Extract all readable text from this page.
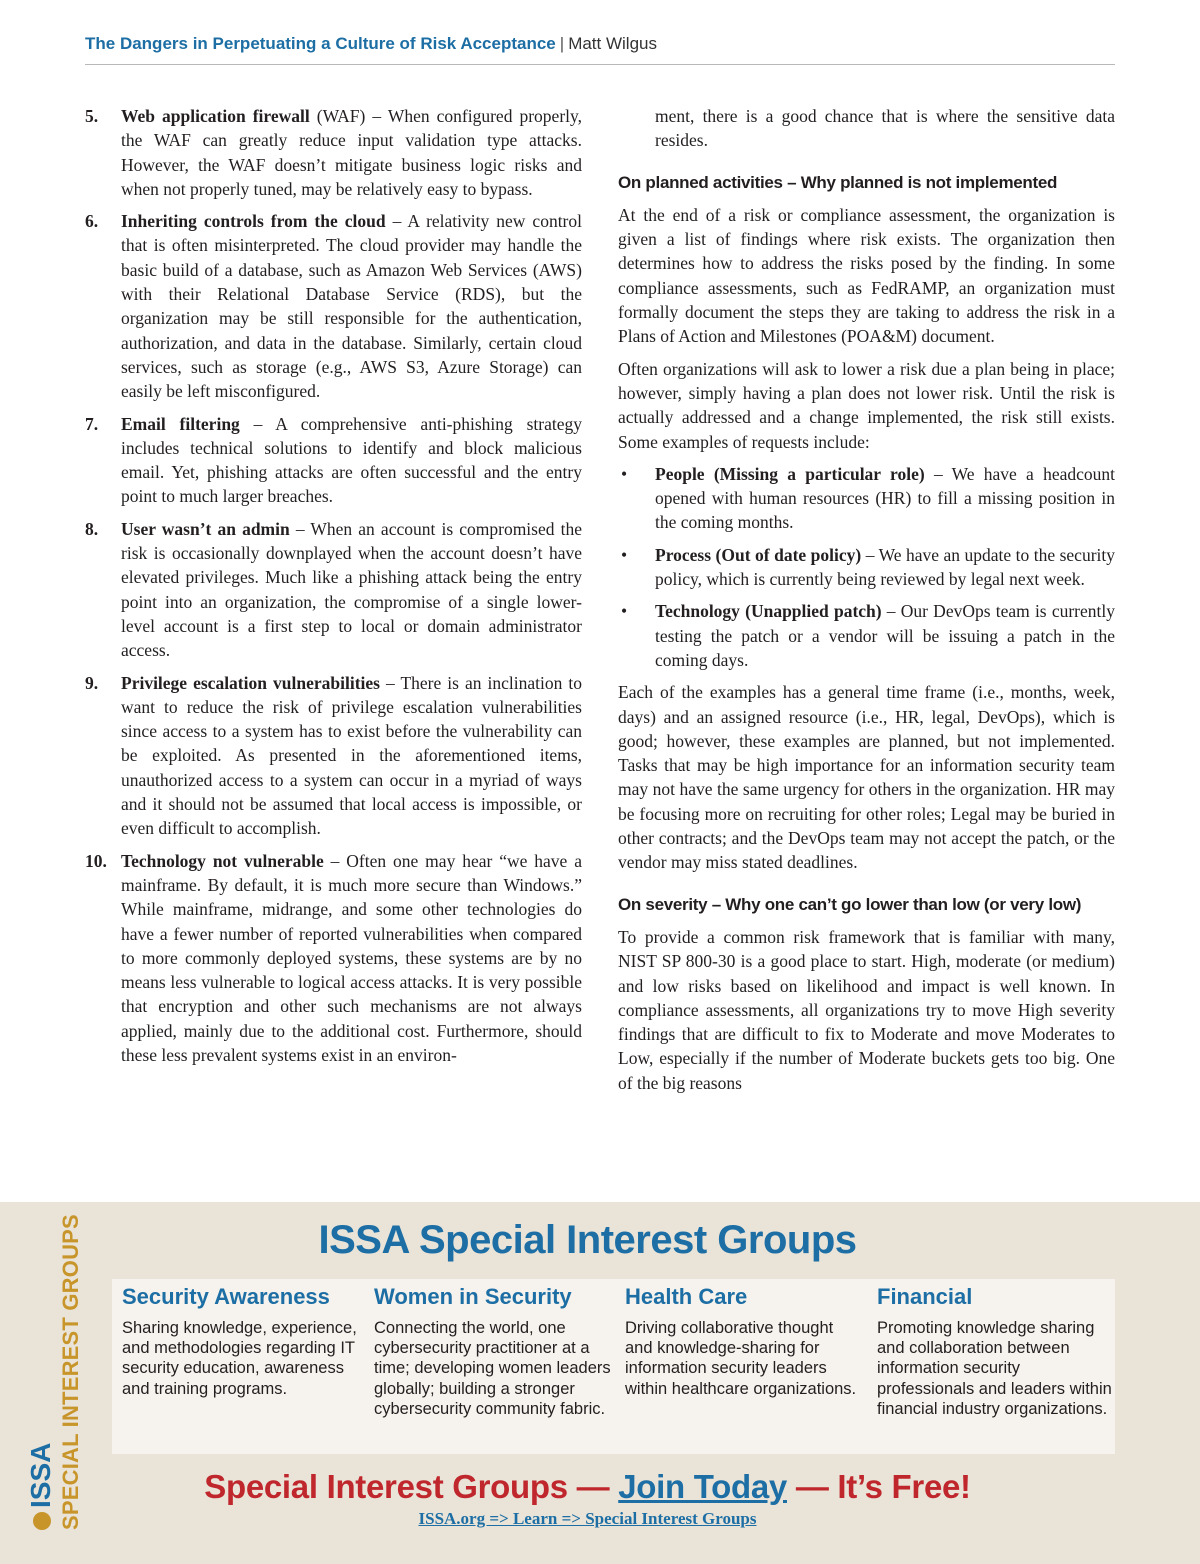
The Dangers in Perpetuating a Culture of Risk Acceptance | Matt Wilgus
5. Web application firewall (WAF) – When configured properly, the WAF can greatly reduce input validation type attacks. However, the WAF doesn’t mitigate business logic risks and when not properly tuned, may be relatively easy to bypass.
6. Inheriting controls from the cloud – A relativity new control that is often misinterpreted. The cloud provider may handle the basic build of a database, such as Amazon Web Services (AWS) with their Relational Database Service (RDS), but the organization may be still responsible for the authentication, authorization, and data in the database. Similarly, certain cloud services, such as storage (e.g., AWS S3, Azure Storage) can easily be left misconfigured.
7. Email filtering – A comprehensive anti-phishing strategy includes technical solutions to identify and block malicious email. Yet, phishing attacks are often successful and the entry point to much larger breaches.
8. User wasn’t an admin – When an account is compromised the risk is occasionally downplayed when the account doesn’t have elevated privileges. Much like a phishing attack being the entry point into an organization, the compromise of a single lower-level account is a first step to local or domain administrator access.
9. Privilege escalation vulnerabilities – There is an inclination to want to reduce the risk of privilege escalation vulnerabilities since access to a system has to exist before the vulnerability can be exploited. As presented in the aforementioned items, unauthorized access to a system can occur in a myriad of ways and it should not be assumed that local access is impossible, or even difficult to accomplish.
10. Technology not vulnerable – Often one may hear “we have a mainframe. By default, it is much more secure than Windows.” While mainframe, midrange, and some other technologies do have a fewer number of reported vulnerabilities when compared to more commonly deployed systems, these systems are by no means less vulnerable to logical access attacks. It is very possible that encryption and other such mechanisms are not always applied, mainly due to the additional cost. Furthermore, should these less prevalent systems exist in an environ-

ment, there is a good chance that is where the sensitive data resides.

On planned activities – Why planned is not implemented

At the end of a risk or compliance assessment, the organization is given a list of findings where risk exists. The organization then determines how to address the risks posed by the finding. In some compliance assessments, such as FedRAMP, an organization must formally document the steps they are taking to address the risk in a Plans of Action and Milestones (POA&M) document.

Often organizations will ask to lower a risk due a plan being in place; however, simply having a plan does not lower risk. Until the risk is actually addressed and a change implemented, the risk still exists. Some examples of requests include:

• People (Missing a particular role) – We have a headcount opened with human resources (HR) to fill a missing position in the coming months.
• Process (Out of date policy) – We have an update to the security policy, which is currently being reviewed by legal next week.
• Technology (Unapplied patch) – Our DevOps team is currently testing the patch or a vendor will be issuing a patch in the coming days.

Each of the examples has a general time frame (i.e., months, week, days) and an assigned resource (i.e., HR, legal, DevOps), which is good; however, these examples are planned, but not implemented. Tasks that may be high importance for an information security team may not have the same urgency for others in the organization. HR may be focusing more on recruiting for other roles; Legal may be buried in other contracts; and the DevOps team may not accept the patch, or the vendor may miss stated deadlines.

On severity – Why one can’t go lower than low (or very low)

To provide a common risk framework that is familiar with many, NIST SP 800-30 is a good place to start. High, moderate (or medium) and low risks based on likelihood and impact is well known. In compliance assessments, all organizations try to move High severity findings that are difficult to fix to Moderate and move Moderates to Low, especially if the number of Moderate buckets gets too big. One of the big reasons

ISSA SPECIAL INTEREST GROUPS	ISSA Special Interest Groups
Security Awareness

Sharing knowledge, experience, and methodologies regarding IT security education, awareness and training programs.

Women in Security

Connecting the world, one cybersecurity practitioner at a time; developing women leaders globally; building a stronger cybersecurity community fabric.

Health Care

Driving collaborative thought and knowledge-sharing for information security leaders within healthcare organizations.

Financial

Promoting knowledge sharing and collaboration between information security professionals and leaders within financial industry organizations.

Special Interest Groups — Join Today — It’s Free!
ISSA.org => Learn => Special Interest Groups
